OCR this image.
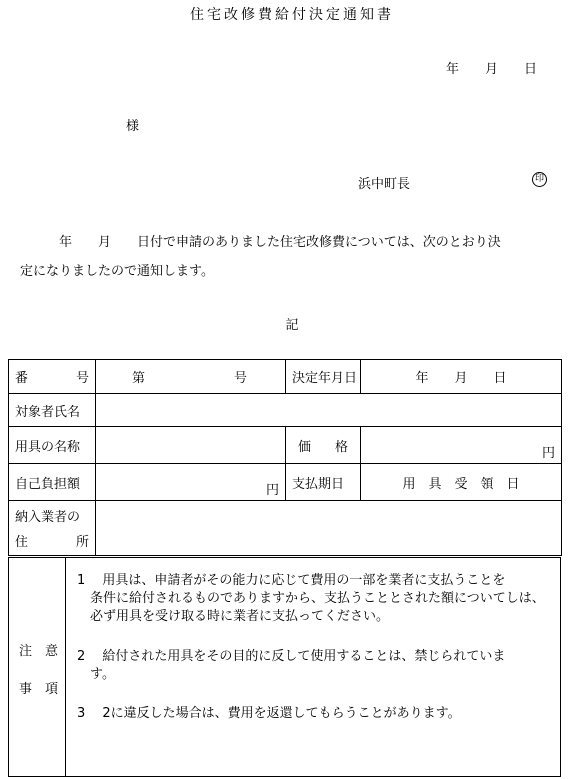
住宅改修費給付決定通知書
年　　月　　日
様
浜中町長	印
　　　年　　月　　日付で申請のありました住宅改修費については、次のとおり決
定になりましたので通知します。
記
番 号	第 号	決定年月日	年　　月　　日
対象者氏名			
用具の名称		価 格	円
自己負担額	円	支払期日	用　具　受　領　日

納入業者の
住 所			

注　意
事　項
1　 用具は、申請者がその能力に応じて費用の一部を業者に支払うことを
条件に給付されるものでありますから、支払うこととされた額についてしは、必ず用具を受け取る時に業者に支払ってください。
2　 給付された用具をその目的に反して使用することは、禁じられていま
す。
3　 2に違反した場合は、費用を返還してもらうことがあります。
